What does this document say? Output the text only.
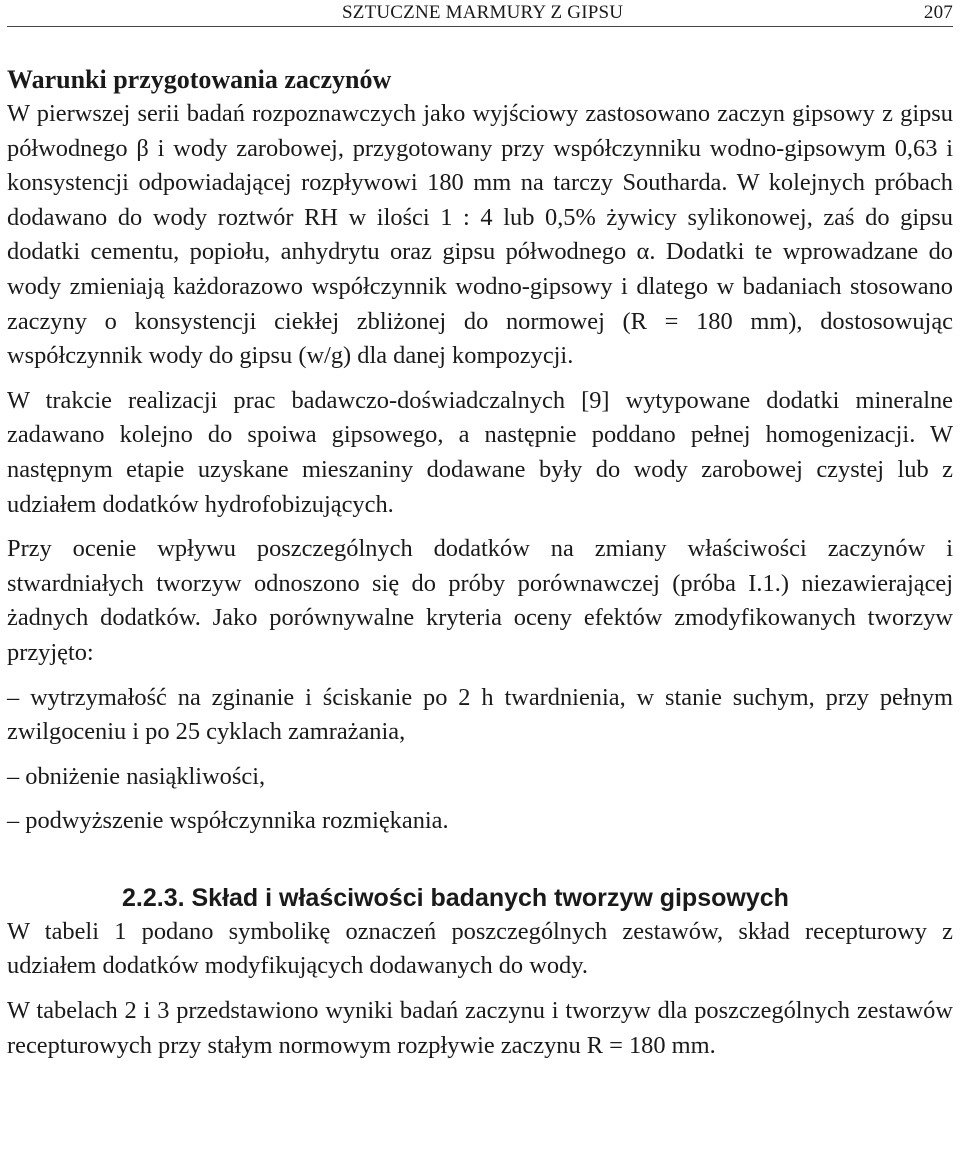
SZTUCZNE MARMURY Z GIPSU	207
Warunki przygotowania zaczynów

W pierwszej serii badań rozpoznawczych jako wyjściowy zastosowano zaczyn gipsowy z gipsu półwodnego β i wody zarobowej, przygotowany przy współczynniku wodno-gipsowym 0,63 i konsystencji odpowiadającej rozpływowi 180 mm na tarczy Southarda. W kolejnych próbach dodawano do wody roztwór RH w ilości 1 : 4 lub 0,5% żywicy sylikonowej, zaś do gipsu dodatki cementu, popiołu, anhydrytu oraz gipsu półwodnego α. Dodatki te wprowadzane do wody zmieniają każdorazowo współczynnik wodno-gipsowy i dlatego w badaniach stosowano zaczyny o konsystencji ciekłej zbliżonej do normowej (R = 180 mm), dostosowując współczynnik wody do gipsu (w/g) dla danej kompozycji.

W trakcie realizacji prac badawczo-doświadczalnych [9] wytypowane dodatki mineralne zadawano kolejno do spoiwa gipsowego, a następnie poddano pełnej homogenizacji. W następnym etapie uzyskane mieszaniny dodawane były do wody zarobowej czystej lub z udziałem dodatków hydrofobizujących.

Przy ocenie wpływu poszczególnych dodatków na zmiany właściwości zaczynów i stwardniałych tworzyw odnoszono się do próby porównawczej (próba I.1.) niezawierającej żadnych dodatków. Jako porównywalne kryteria oceny efektów zmodyfikowanych tworzyw przyjęto:

– wytrzymałość na zginanie i ściskanie po 2 h twardnienia, w stanie suchym, przy pełnym zwilgoceniu i po 25 cyklach zamrażania,

– obniżenie nasiąkliwości,

– podwyższenie współczynnika rozmiękania.

2.2.3. Skład i właściwości badanych tworzyw gipsowych

W tabeli 1 podano symbolikę oznaczeń poszczególnych zestawów, skład recepturowy z udziałem dodatków modyfikujących dodawanych do wody.

W tabelach 2 i 3 przedstawiono wyniki badań zaczynu i tworzyw dla poszczególnych zestawów recepturowych przy stałym normowym rozpływie zaczynu R = 180 mm.
